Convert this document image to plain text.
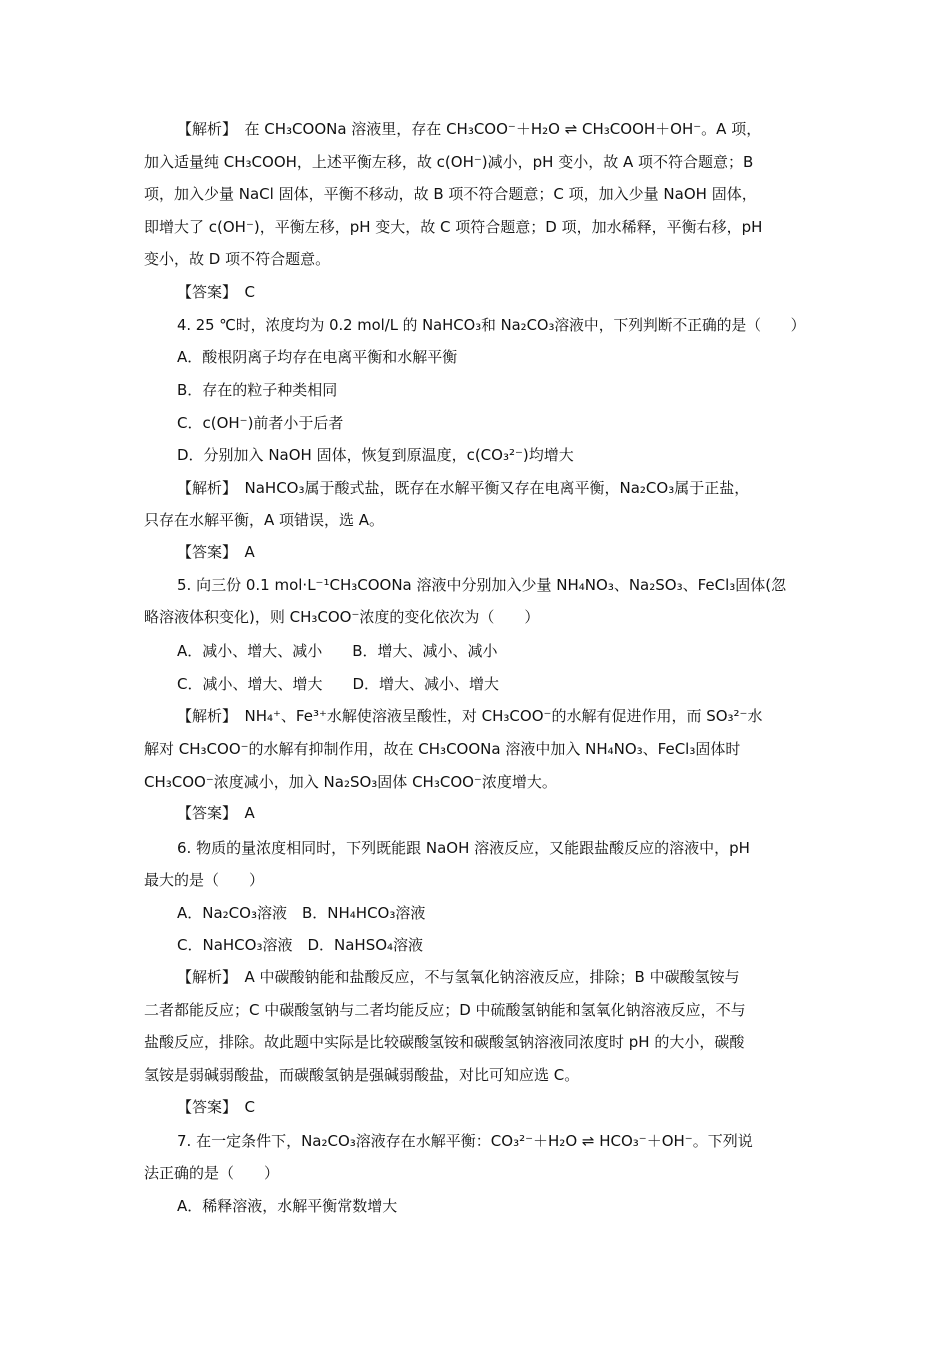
【解析】　在 CH₃COONa 溶液里，存在 CH₃COO⁻＋H₂O ⇌ CH₃COOH＋OH⁻。A 项，
加入适量纯 CH₃COOH，上述平衡左移，故 c(OH⁻)减小，pH 变小，故 A 项不符合题意；B
项，加入少量 NaCl 固体，平衡不移动，故 B 项不符合题意；C 项，加入少量 NaOH 固体，
即增大了 c(OH⁻)，平衡左移，pH 变大，故 C 项符合题意；D 项，加水稀释，平衡右移，pH
变小，故 D 项不符合题意。
【答案】　C
4. 25 ℃时，浓度均为 0.2 mol/L 的 NaHCO₃和 Na₂CO₃溶液中，下列判断不正确的是（　　）
A．酸根阴离子均存在电离平衡和水解平衡
B．存在的粒子种类相同
C．c(OH⁻)前者小于后者
D．分别加入 NaOH 固体，恢复到原温度，c(CO₃²⁻)均增大
【解析】　NaHCO₃属于酸式盐，既存在水解平衡又存在电离平衡，Na₂CO₃属于正盐，
只存在水解平衡，A 项错误，选 A。
【答案】　A
5. 向三份 0.1 mol·L⁻¹CH₃COONa 溶液中分别加入少量 NH₄NO₃、Na₂SO₃、FeCl₃固体(忽
略溶液体积变化)，则 CH₃COO⁻浓度的变化依次为（　　）
A．减小、增大、减小　　B．增大、减小、减小
C．减小、增大、增大　　D．增大、减小、增大
【解析】　NH₄⁺、Fe³⁺水解使溶液呈酸性，对 CH₃COO⁻的水解有促进作用，而 SO₃²⁻水
解对 CH₃COO⁻的水解有抑制作用，故在 CH₃COONa 溶液中加入 NH₄NO₃、FeCl₃固体时
CH₃COO⁻浓度减小，加入 Na₂SO₃固体 CH₃COO⁻浓度增大。
【答案】　A
6. 物质的量浓度相同时，下列既能跟 NaOH 溶液反应，又能跟盐酸反应的溶液中，pH
最大的是（　　）
A．Na₂CO₃溶液　B．NH₄HCO₃溶液
C．NaHCO₃溶液　D．NaHSO₄溶液
【解析】　A 中碳酸钠能和盐酸反应，不与氢氧化钠溶液反应，排除；B 中碳酸氢铵与
二者都能反应；C 中碳酸氢钠与二者均能反应；D 中硫酸氢钠能和氢氧化钠溶液反应，不与
盐酸反应，排除。故此题中实际是比较碳酸氢铵和碳酸氢钠溶液同浓度时 pH 的大小，碳酸
氢铵是弱碱弱酸盐，而碳酸氢钠是强碱弱酸盐，对比可知应选 C。
【答案】　C
7. 在一定条件下，Na₂CO₃溶液存在水解平衡：CO₃²⁻＋H₂O ⇌ HCO₃⁻＋OH⁻。下列说
法正确的是（　　）
A．稀释溶液，水解平衡常数增大
